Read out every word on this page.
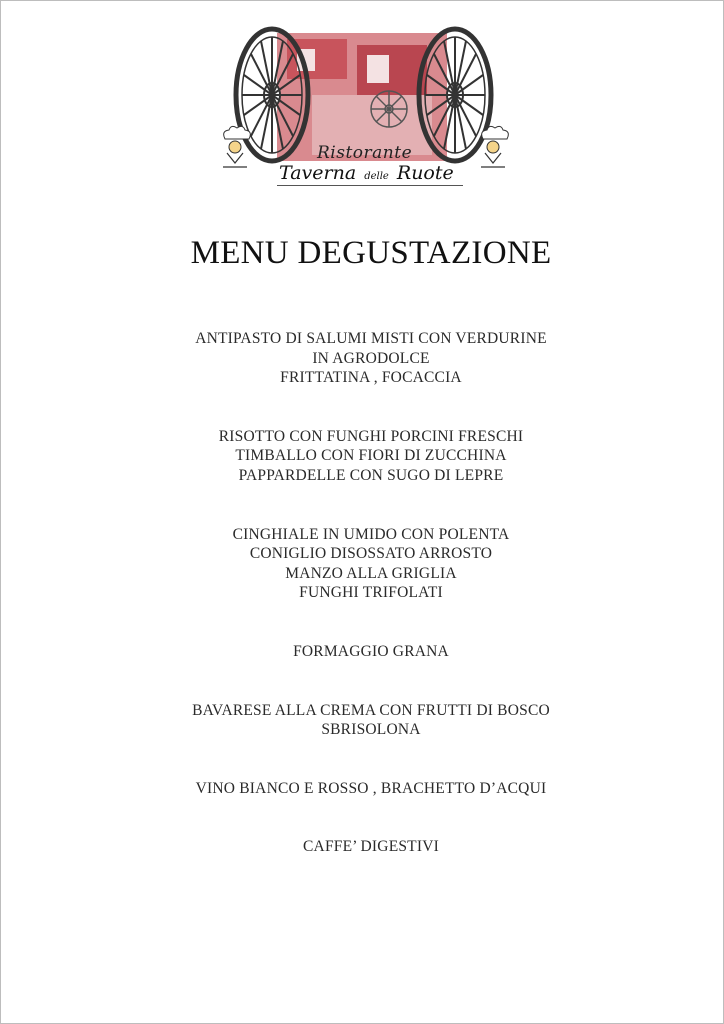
Ristorante
Taverna delle Ruote
MENU DEGUSTAZIONE
ANTIPASTO DI SALUMI MISTI CON VERDURINE
IN AGRODOLCE
FRITTATINA , FOCACCIA
RISOTTO CON FUNGHI PORCINI FRESCHI
TIMBALLO CON FIORI DI ZUCCHINA
PAPPARDELLE CON SUGO DI LEPRE
CINGHIALE IN UMIDO CON POLENTA
CONIGLIO DISOSSATO ARROSTO
MANZO ALLA GRIGLIA
FUNGHI TRIFOLATI
FORMAGGIO GRANA
BAVARESE ALLA CREMA CON FRUTTI DI BOSCO
SBRISOLONA
VINO BIANCO E ROSSO , BRACHETTO D’ACQUI
CAFFE’ DIGESTIVI
